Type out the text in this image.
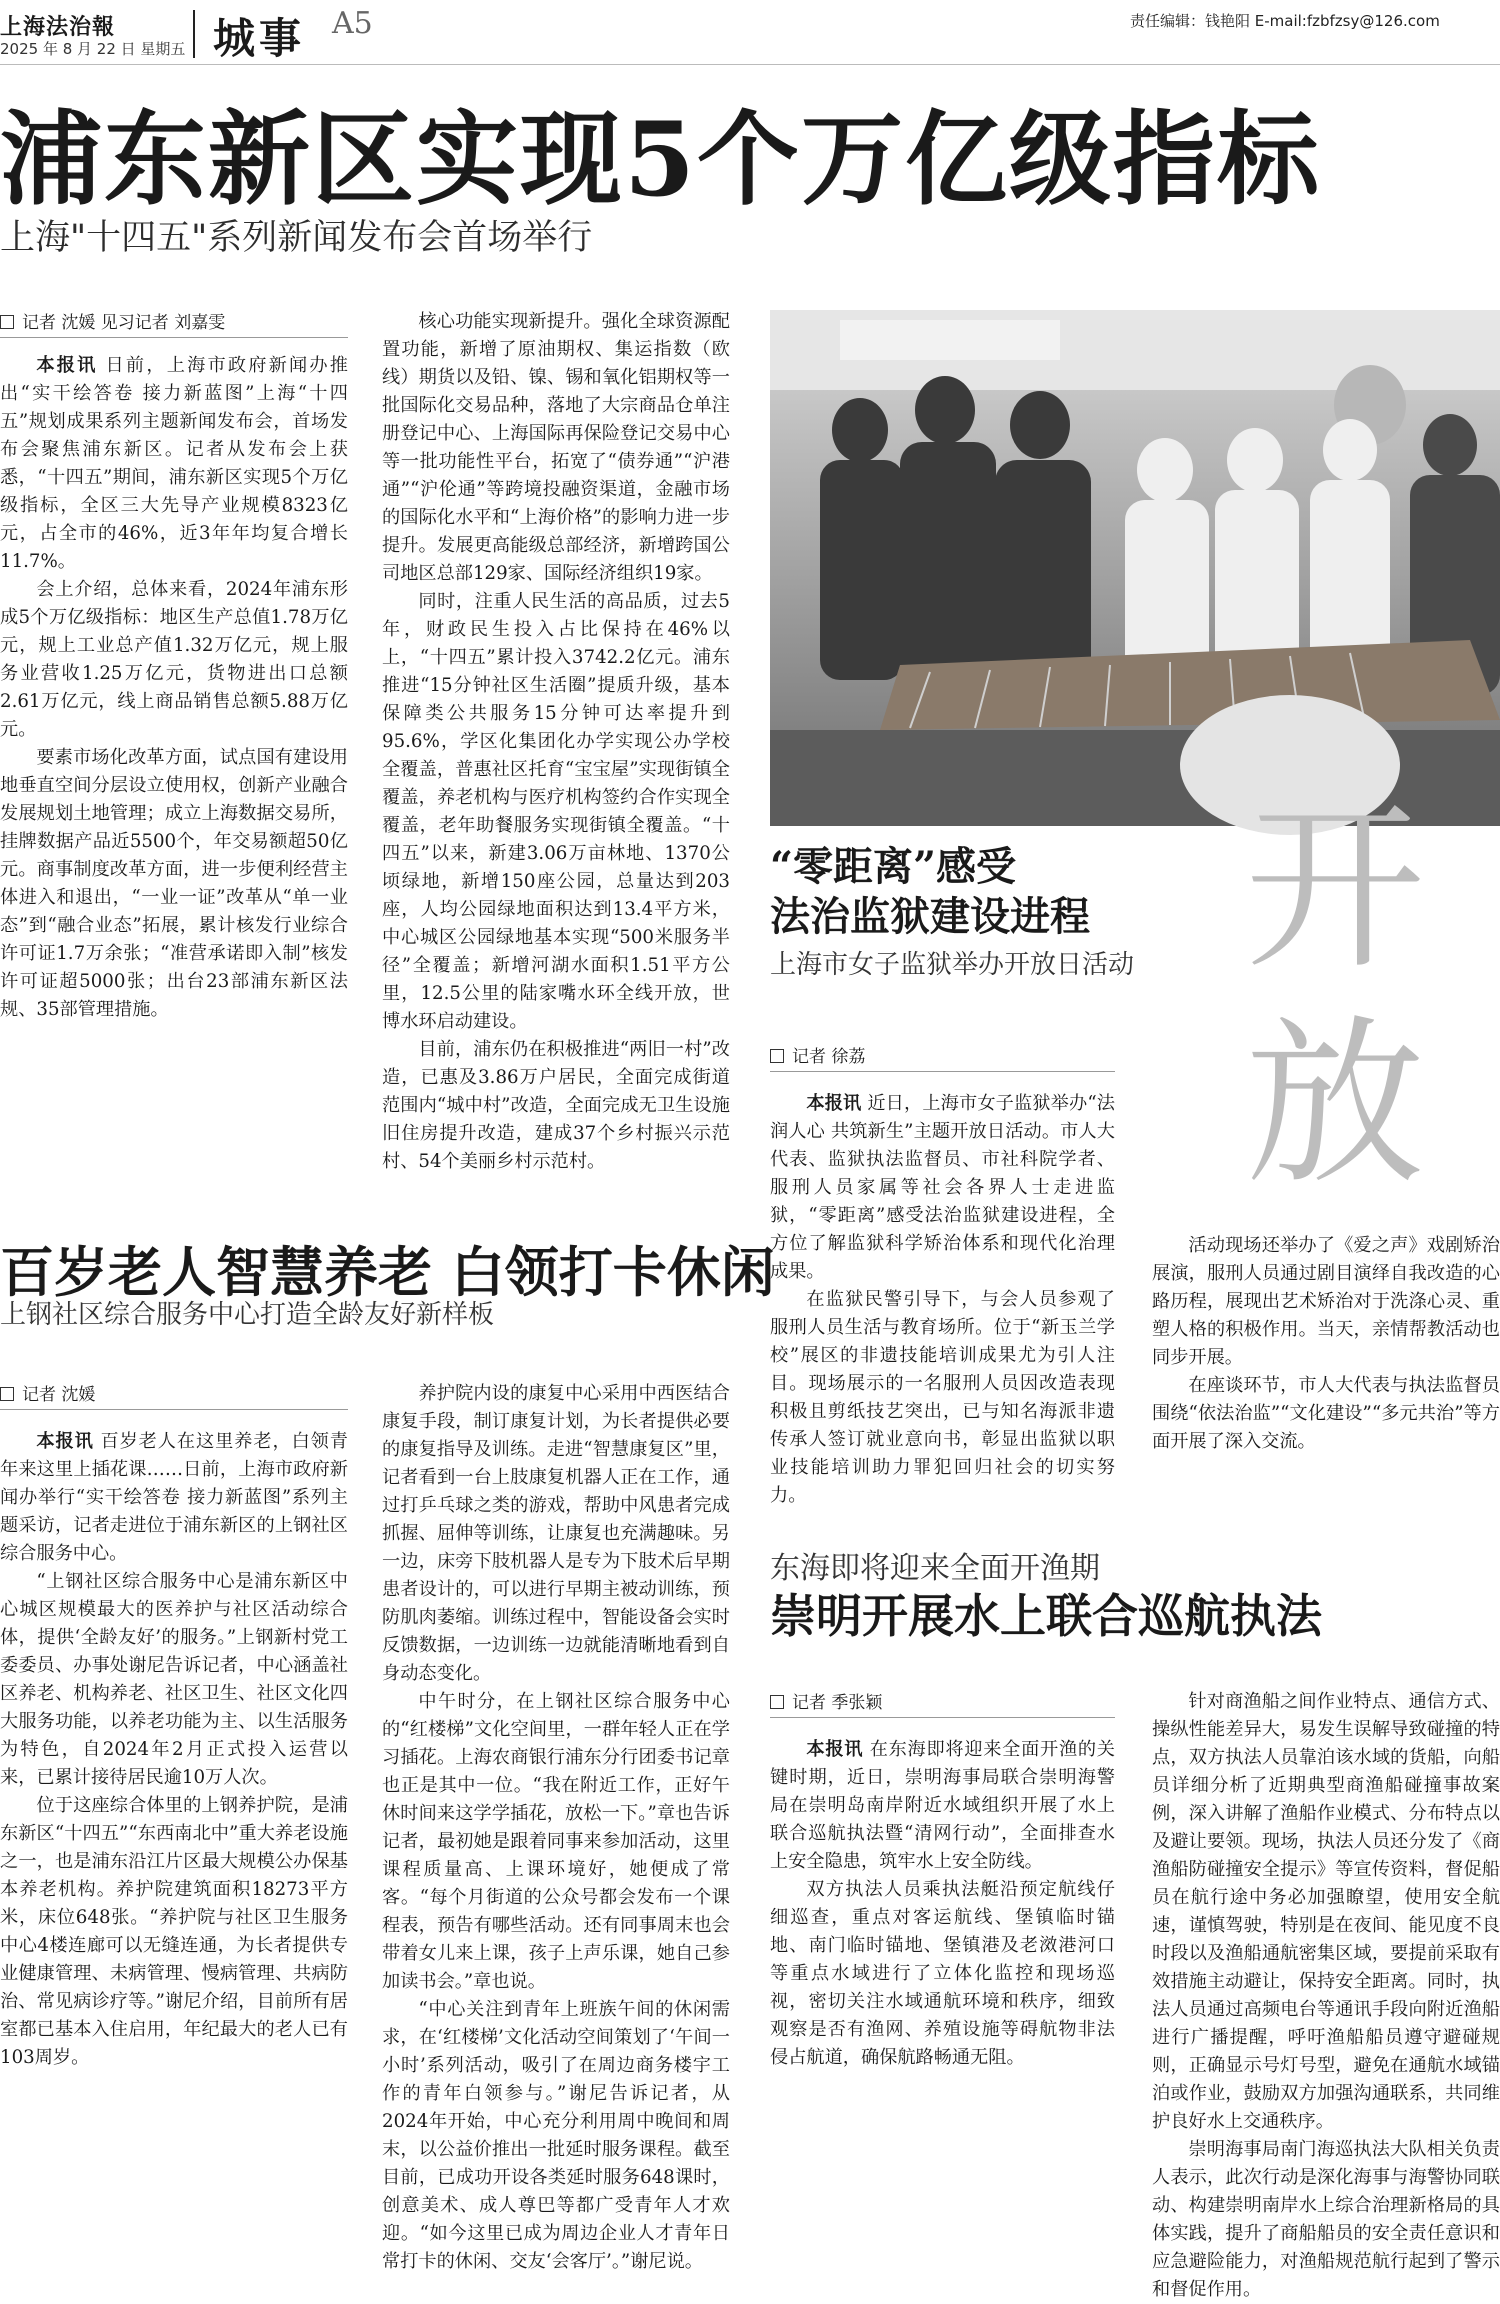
上海法治報
2025 年 8 月 22 日 星期五 城事 A5	责任编辑：钱艳阳 E-mail:fzbfzsy@126.com
浦东新区实现5个万亿级指标
上海"十四五"系列新闻发布会首场举行
记者 沈媛 见习记者 刘嘉雯

本报讯 日前，上海市政府新闻办推出“实干绘答卷 接力新蓝图”上海“十四五”规划成果系列主题新闻发布会，首场发布会聚焦浦东新区。记者从发布会上获悉，“十四五”期间，浦东新区实现5个万亿级指标，全区三大先导产业规模8323亿元，占全市的46%，近3年年均复合增长11.7%。

会上介绍，总体来看，2024年浦东形成5个万亿级指标：地区生产总值1.78万亿元，规上工业总产值1.32万亿元，规上服务业营收1.25万亿元，货物进出口总额2.61万亿元，线上商品销售总额5.88万亿元。

要素市场化改革方面，试点国有建设用地垂直空间分层设立使用权，创新产业融合发展规划土地管理；成立上海数据交易所，挂牌数据产品近5500个，年交易额超50亿元。商事制度改革方面，进一步便利经营主体进入和退出，“一业一证”改革从“单一业态”到“融合业态”拓展，累计核发行业综合许可证1.7万余张；“准营承诺即入制”核发许可证超5000张；出台23部浦东新区法规、35部管理措施。

核心功能实现新提升。强化全球资源配置功能，新增了原油期权、集运指数（欧线）期货以及铅、镍、锡和氧化铝期权等一批国际化交易品种，落地了大宗商品仓单注册登记中心、上海国际再保险登记交易中心等一批功能性平台，拓宽了“债券通”“沪港通”“沪伦通”等跨境投融资渠道，金融市场的国际化水平和“上海价格”的影响力进一步提升。发展更高能级总部经济，新增跨国公司地区总部129家、国际经济组织19家。

同时，注重人民生活的高品质，过去5年，财政民生投入占比保持在46%以上，“十四五”累计投入3742.2亿元。浦东推进“15分钟社区生活圈”提质升级，基本保障类公共服务15分钟可达率提升到95.6%，学区化集团化办学实现公办学校全覆盖，普惠社区托育“宝宝屋”实现街镇全覆盖，养老机构与医疗机构签约合作实现全覆盖，老年助餐服务实现街镇全覆盖。“十四五”以来，新建3.06万亩林地、1370公顷绿地，新增150座公园，总量达到203座，人均公园绿地面积达到13.4平方米，中心城区公园绿地基本实现“500米服务半径”全覆盖；新增河湖水面积1.51平方公里，12.5公里的陆家嘴水环全线开放，世博水环启动建设。

目前，浦东仍在积极推进“两旧一村”改造，已惠及3.86万户居民，全面完成街道范围内“城中村”改造，全面完成无卫生设施旧住房提升改造，建成37个乡村振兴示范村、54个美丽乡村示范村。

“零距离”感受
法治监狱建设进程
上海市女子监狱举办开放日活动 开
放
记者 徐荔

本报讯 近日，上海市女子监狱举办“法润人心 共筑新生”主题开放日活动。市人大代表、监狱执法监督员、市社科院学者、服刑人员家属等社会各界人士走进监狱，“零距离”感受法治监狱建设进程，全方位了解监狱科学矫治体系和现代化治理成果。

在监狱民警引导下，与会人员参观了服刑人员生活与教育场所。位于“新玉兰学校”展区的非遗技能培训成果尤为引人注目。现场展示的一名服刑人员因改造表现积极且剪纸技艺突出，已与知名海派非遗传承人签订就业意向书，彰显出监狱以职业技能培训助力罪犯回归社会的切实努力。

活动现场还举办了《爱之声》戏剧矫治展演，服刑人员通过剧目演绎自我改造的心路历程，展现出艺术矫治对于洗涤心灵、重塑人格的积极作用。当天，亲情帮教活动也同步开展。

在座谈环节，市人大代表与执法监督员围绕“依法治监”“文化建设”“多元共治”等方面开展了深入交流。

百岁老人智慧养老 白领打卡休闲
上钢社区综合服务中心打造全龄友好新样板
记者 沈媛

本报讯 百岁老人在这里养老，白领青年来这里上插花课……日前，上海市政府新闻办举行“实干绘答卷 接力新蓝图”系列主题采访，记者走进位于浦东新区的上钢社区综合服务中心。

“上钢社区综合服务中心是浦东新区中心城区规模最大的医养护与社区活动综合体，提供‘全龄友好’的服务。”上钢新村党工委委员、办事处谢尼告诉记者，中心涵盖社区养老、机构养老、社区卫生、社区文化四大服务功能，以养老功能为主、以生活服务为特色，自2024年2月正式投入运营以来，已累计接待居民逾10万人次。

位于这座综合体里的上钢养护院，是浦东新区“十四五”“东西南北中”重大养老设施之一，也是浦东沿江片区最大规模公办保基本养老机构。养护院建筑面积18273平方米，床位648张。“养护院与社区卫生服务中心4楼连廊可以无缝连通，为长者提供专业健康管理、未病管理、慢病管理、共病防治、常见病诊疗等。”谢尼介绍，目前所有居室都已基本入住启用，年纪最大的老人已有103周岁。

养护院内设的康复中心采用中西医结合康复手段，制订康复计划，为长者提供必要的康复指导及训练。走进“智慧康复区”里，记者看到一台上肢康复机器人正在工作，通过打乒乓球之类的游戏，帮助中风患者完成抓握、屈伸等训练，让康复也充满趣味。另一边，床旁下肢机器人是专为下肢术后早期患者设计的，可以进行早期主被动训练，预防肌肉萎缩。训练过程中，智能设备会实时反馈数据，一边训练一边就能清晰地看到自身动态变化。

中午时分，在上钢社区综合服务中心的“红楼梯”文化空间里，一群年轻人正在学习插花。上海农商银行浦东分行团委书记章也正是其中一位。“我在附近工作，正好午休时间来这学学插花，放松一下。”章也告诉记者，最初她是跟着同事来参加活动，这里课程质量高、上课环境好，她便成了常客。“每个月街道的公众号都会发布一个课程表，预告有哪些活动。还有同事周末也会带着女儿来上课，孩子上声乐课，她自己参加读书会。”章也说。

“中心关注到青年上班族午间的休闲需求，在‘红楼梯’文化活动空间策划了‘午间一小时’系列活动，吸引了在周边商务楼宇工作的青年白领参与。”谢尼告诉记者，从2024年开始，中心充分利用周中晚间和周末，以公益价推出一批延时服务课程。截至目前，已成功开设各类延时服务648课时，创意美术、成人尊巴等都广受青年人才欢迎。“如今这里已成为周边企业人才青年日常打卡的休闲、交友‘会客厅’。”谢尼说。

东海即将迎来全面开渔期
崇明开展水上联合巡航执法
记者 季张颖

本报讯 在东海即将迎来全面开渔的关键时期，近日，崇明海事局联合崇明海警局在崇明岛南岸附近水域组织开展了水上联合巡航执法暨“清网行动”，全面排查水上安全隐患，筑牢水上安全防线。

双方执法人员乘执法艇沿预定航线仔细巡查，重点对客运航线、堡镇临时锚地、南门临时锚地、堡镇港及老滧港河口等重点水域进行了立体化监控和现场巡视，密切关注水域通航环境和秩序，细致观察是否有渔网、养殖设施等碍航物非法侵占航道，确保航路畅通无阻。

针对商渔船之间作业特点、通信方式、操纵性能差异大，易发生误解导致碰撞的特点，双方执法人员靠泊该水域的货船，向船员详细分析了近期典型商渔船碰撞事故案例，深入讲解了渔船作业模式、分布特点以及避让要领。现场，执法人员还分发了《商渔船防碰撞安全提示》等宣传资料，督促船员在航行途中务必加强瞭望，使用安全航速，谨慎驾驶，特别是在夜间、能见度不良时段以及渔船通航密集区域，要提前采取有效措施主动避让，保持安全距离。同时，执法人员通过高频电台等通讯手段向附近渔船进行广播提醒，呼吁渔船船员遵守避碰规则，正确显示号灯号型，避免在通航水域锚泊或作业，鼓励双方加强沟通联系，共同维护良好水上交通秩序。

崇明海事局南门海巡执法大队相关负责人表示，此次行动是深化海事与海警协同联动、构建崇明南岸水上综合治理新格局的具体实践，提升了商船船员的安全责任意识和应急避险能力，对渔船规范航行起到了警示和督促作用。
